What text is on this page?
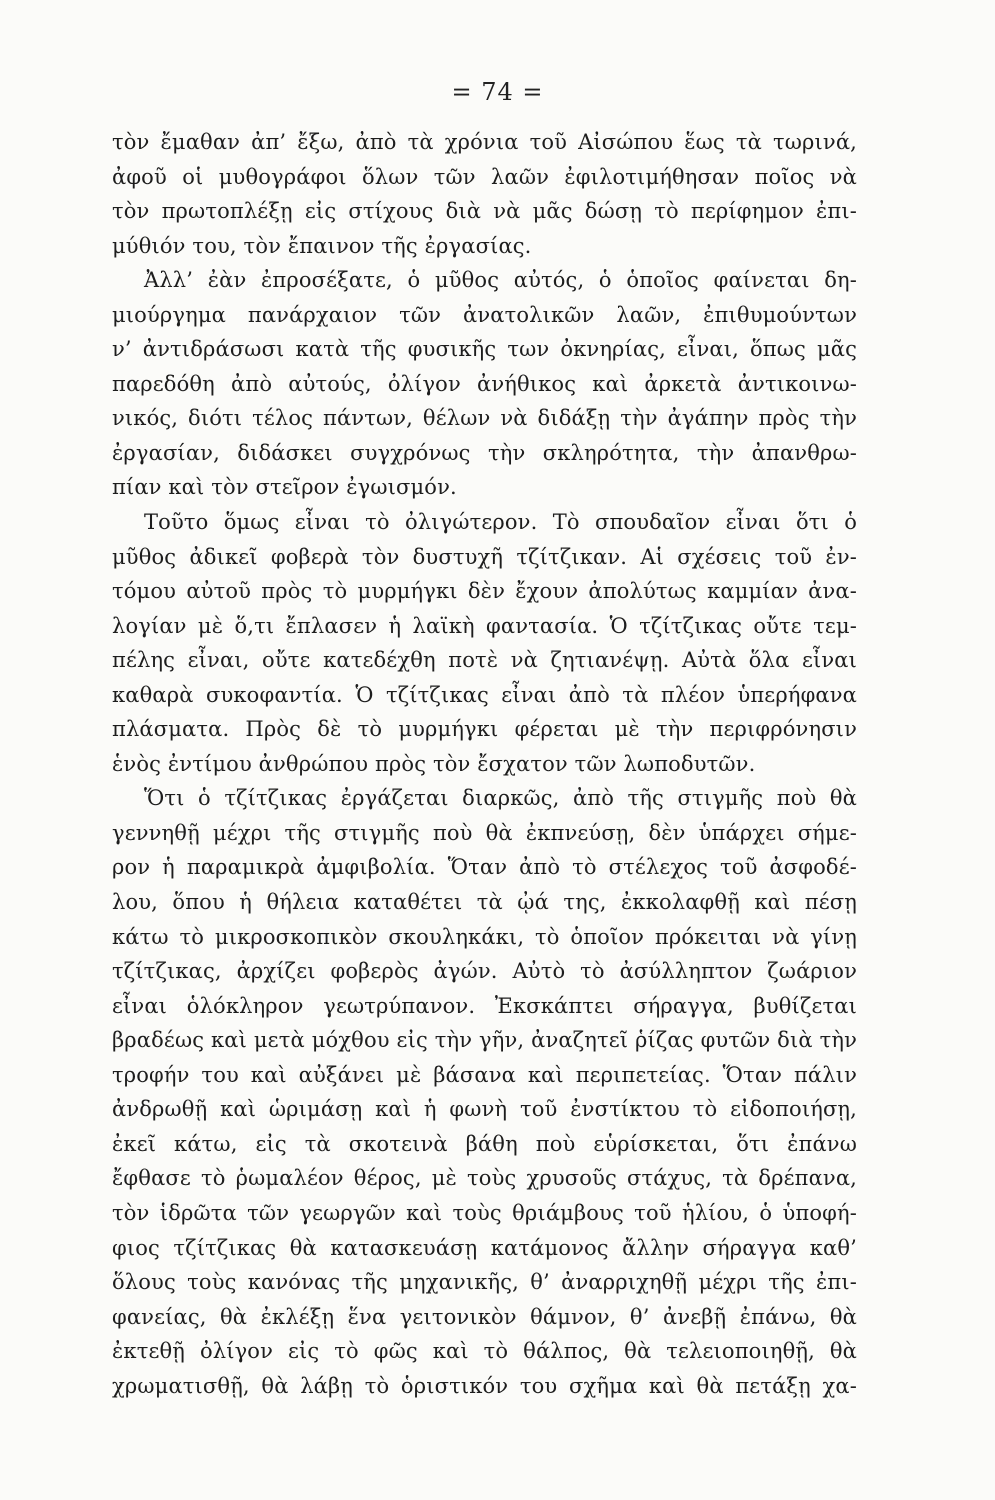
= 74 =
τὸν ἔμαθαν ἀπ’ ἔξω, ἀπὸ τὰ χρόνια τοῦ Αἰσώπου ἕως τὰ τωρινά,
ἀφοῦ οἱ μυθογράφοι ὅλων τῶν λαῶν ἐφιλοτιμήθησαν ποῖος νὰ
τὸν πρωτοπλέξῃ εἰς στίχους διὰ νὰ μᾶς δώσῃ τὸ περίφημον ἐπι-
μύθιόν του, τὸν ἔπαινον τῆς ἐργασίας.
Ἀλλ’ ἐὰν ἐπροσέξατε, ὁ μῦθος αὐτός, ὁ ὁποῖος φαίνεται δη-
μιούργημα πανάρχαιον τῶν ἀνατολικῶν λαῶν, ἐπιθυμούντων
ν’ ἀντιδράσωσι κατὰ τῆς φυσικῆς των ὀκνηρίας, εἶναι, ὅπως μᾶς
παρεδόθη ἀπὸ αὐτούς, ὀλίγον ἀνήθικος καὶ ἀρκετὰ ἀντικοινω-
νικός, διότι τέλος πάντων, θέλων νὰ διδάξῃ τὴν ἀγάπην πρὸς τὴν
ἐργασίαν, διδάσκει συγχρόνως τὴν σκληρότητα, τὴν ἀπανθρω-
πίαν καὶ τὸν στεῖρον ἐγωισμόν.
Τοῦτο ὅμως εἶναι τὸ ὀλιγώτερον. Τὸ σπουδαῖον εἶναι ὅτι ὁ
μῦθος ἀδικεῖ φοβερὰ τὸν δυστυχῆ τζίτζικαν. Αἱ σχέσεις τοῦ ἐν-
τόμου αὐτοῦ πρὸς τὸ μυρμήγκι δὲν ἔχουν ἀπολύτως καμμίαν ἀνα-
λογίαν μὲ ὅ,τι ἔπλασεν ἡ λαϊκὴ φαντασία. Ὁ τζίτζικας οὔτε τεμ-
πέλης εἶναι, οὔτε κατεδέχθη ποτὲ νὰ ζητιανέψῃ. Αὐτὰ ὅλα εἶναι
καθαρὰ συκοφαντία. Ὁ τζίτζικας εἶναι ἀπὸ τὰ πλέον ὑπερήφανα
πλάσματα. Πρὸς δὲ τὸ μυρμήγκι φέρεται μὲ τὴν περιφρόνησιν
ἑνὸς ἐντίμου ἀνθρώπου πρὸς τὸν ἔσχατον τῶν λωποδυτῶν.
Ὅτι ὁ τζίτζικας ἐργάζεται διαρκῶς, ἀπὸ τῆς στιγμῆς ποὺ θὰ
γεννηθῇ μέχρι τῆς στιγμῆς ποὺ θὰ ἐκπνεύσῃ, δὲν ὑπάρχει σήμε-
ρον ἡ παραμικρὰ ἀμφιβολία. Ὅταν ἀπὸ τὸ στέλεχος τοῦ ἀσφοδέ-
λου, ὅπου ἡ θήλεια καταθέτει τὰ ᾠά της, ἐκκολαφθῇ καὶ πέσῃ
κάτω τὸ μικροσκοπικὸν σκουληκάκι, τὸ ὁποῖον πρόκειται νὰ γίνῃ
τζίτζικας, ἀρχίζει φοβερὸς ἀγών. Αὐτὸ τὸ ἀσύλληπτον ζωάριον
εἶναι ὁλόκληρον γεωτρύπανον. Ἐκσκάπτει σήραγγα, βυθίζεται
βραδέως καὶ μετὰ μόχθου εἰς τὴν γῆν, ἀναζητεῖ ῥίζας φυτῶν διὰ τὴν
τροφήν του καὶ αὐξάνει μὲ βάσανα καὶ περιπετείας. Ὅταν πάλιν
ἀνδρωθῇ καὶ ὡριμάσῃ καὶ ἡ φωνὴ τοῦ ἐνστίκτου τὸ εἰδοποιήσῃ,
ἐκεῖ κάτω, εἰς τὰ σκοτεινὰ βάθη ποὺ εὑρίσκεται, ὅτι ἐπάνω
ἔφθασε τὸ ῥωμαλέον θέρος, μὲ τοὺς χρυσοῦς στάχυς, τὰ δρέπανα,
τὸν ἱδρῶτα τῶν γεωργῶν καὶ τοὺς θριάμβους τοῦ ἡλίου, ὁ ὑποφή-
φιος τζίτζικας θὰ κατασκευάσῃ κατάμονος ἄλλην σήραγγα καθ’
ὅλους τοὺς κανόνας τῆς μηχανικῆς, θ’ ἀναρριχηθῇ μέχρι τῆς ἐπι-
φανείας, θὰ ἐκλέξῃ ἕνα γειτονικὸν θάμνον, θ’ ἀνεβῇ ἐπάνω, θὰ
ἐκτεθῇ ὀλίγον εἰς τὸ φῶς καὶ τὸ θάλπος, θὰ τελειοποιηθῇ, θὰ
χρωματισθῇ, θὰ λάβῃ τὸ ὁριστικόν του σχῆμα καὶ θὰ πετάξῃ χα-
